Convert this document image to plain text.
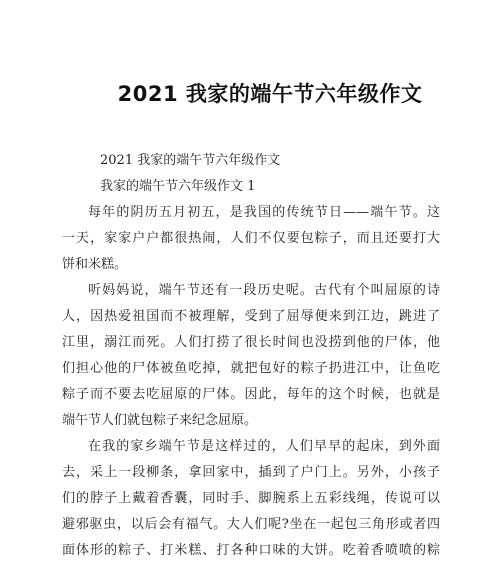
2021 我家的端午节六年级作文
2021 我家的端午节六年级作文
我家的端午节六年级作文 1
每年的阴历五月初五，是我国的传统节日——端午节。这
一天，家家户户都很热闹，人们不仅要包粽子，而且还要打大
饼和米糕。
听妈妈说，端午节还有一段历史呢。古代有个叫屈原的诗
人，因热爱祖国而不被理解，受到了屈辱便来到江边，跳进了
江里，溺江而死。人们打捞了很长时间也没捞到他的尸体，他
们担心他的尸体被鱼吃掉，就把包好的粽子扔进江中，让鱼吃
粽子而不要去吃屈原的尸体。因此，每年的这个时候，也就是
端午节人们就包粽子来纪念屈原。
在我的家乡端午节是这样过的，人们早早的起床，到外面
去，采上一段柳条，拿回家中，插到了户门上。另外，小孩子
们的脖子上戴着香囊，同时手、脚腕系上五彩线绳，传说可以
避邪驱虫，以后会有福气。大人们呢?坐在一起包三角形或者四
面体形的粽子、打米糕、打各种口味的大饼。吃着香喷喷的粽
